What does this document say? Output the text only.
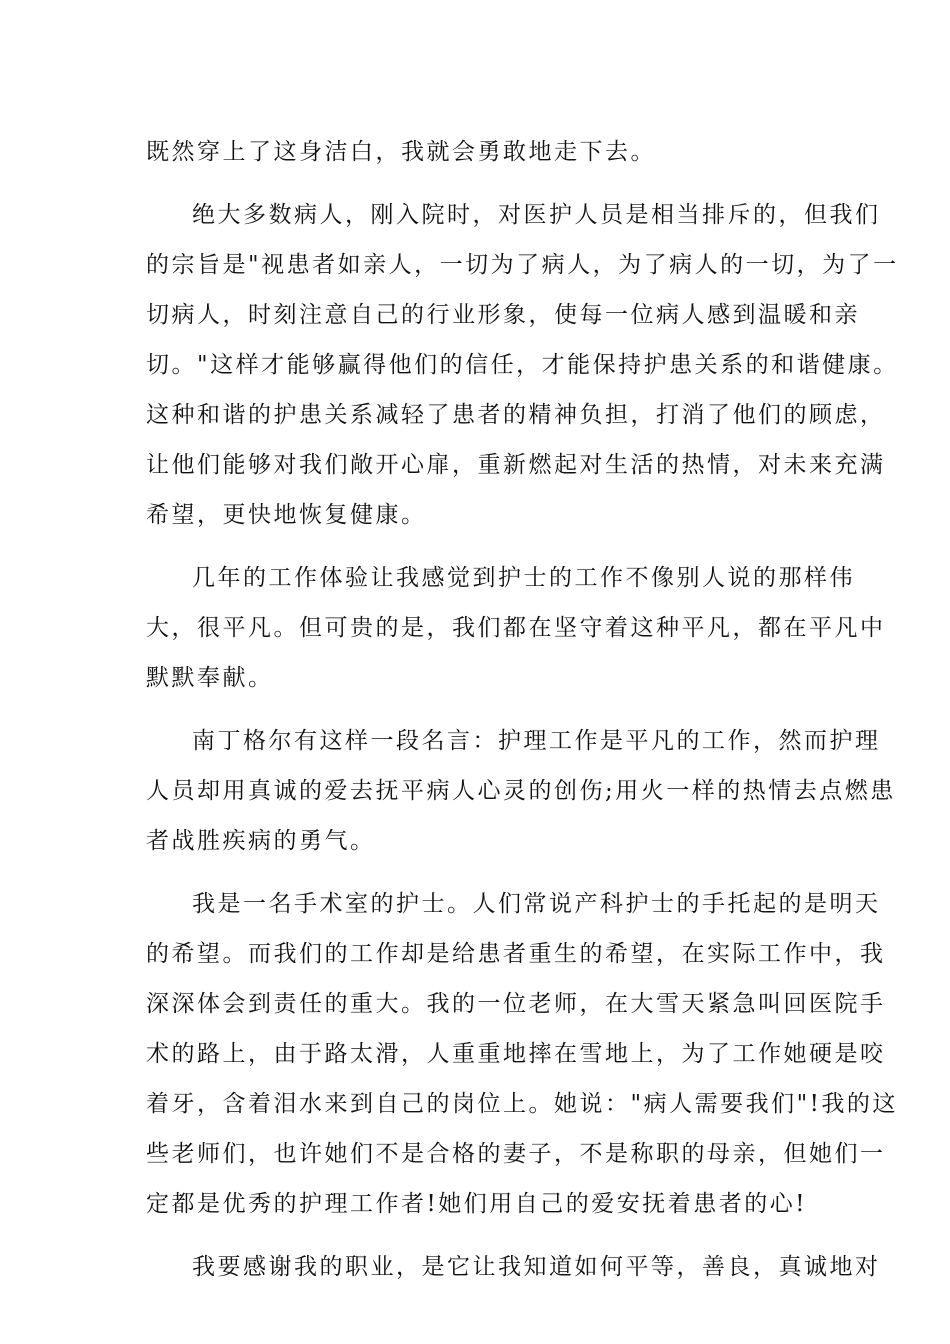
既然穿上了这身洁白，我就会勇敢地走下去。
绝大多数病人，刚入院时，对医护人员是相当排斥的，但我们
的宗旨是"视患者如亲人，一切为了病人，为了病人的一切，为了一
切病人，时刻注意自己的行业形象，使每一位病人感到温暖和亲
切。"这样才能够赢得他们的信任，才能保持护患关系的和谐健康。
这种和谐的护患关系减轻了患者的精神负担，打消了他们的顾虑，
让他们能够对我们敞开心扉，重新燃起对生活的热情，对未来充满
希望，更快地恢复健康。
几年的工作体验让我感觉到护士的工作不像别人说的那样伟
大，很平凡。但可贵的是，我们都在坚守着这种平凡，都在平凡中
默默奉献。
南丁格尔有这样一段名言：护理工作是平凡的工作，然而护理
人员却用真诚的爱去抚平病人心灵的创伤;用火一样的热情去点燃患
者战胜疾病的勇气。
我是一名手术室的护士。人们常说产科护士的手托起的是明天
的希望。而我们的工作却是给患者重生的希望，在实际工作中，我
深深体会到责任的重大。我的一位老师，在大雪天紧急叫回医院手
术的路上，由于路太滑，人重重地摔在雪地上，为了工作她硬是咬
着牙，含着泪水来到自己的岗位上。她说："病人需要我们"!我的这
些老师们，也许她们不是合格的妻子，不是称职的母亲，但她们一
定都是优秀的护理工作者!她们用自己的爱安抚着患者的心!
我要感谢我的职业，是它让我知道如何平等，善良，真诚地对
